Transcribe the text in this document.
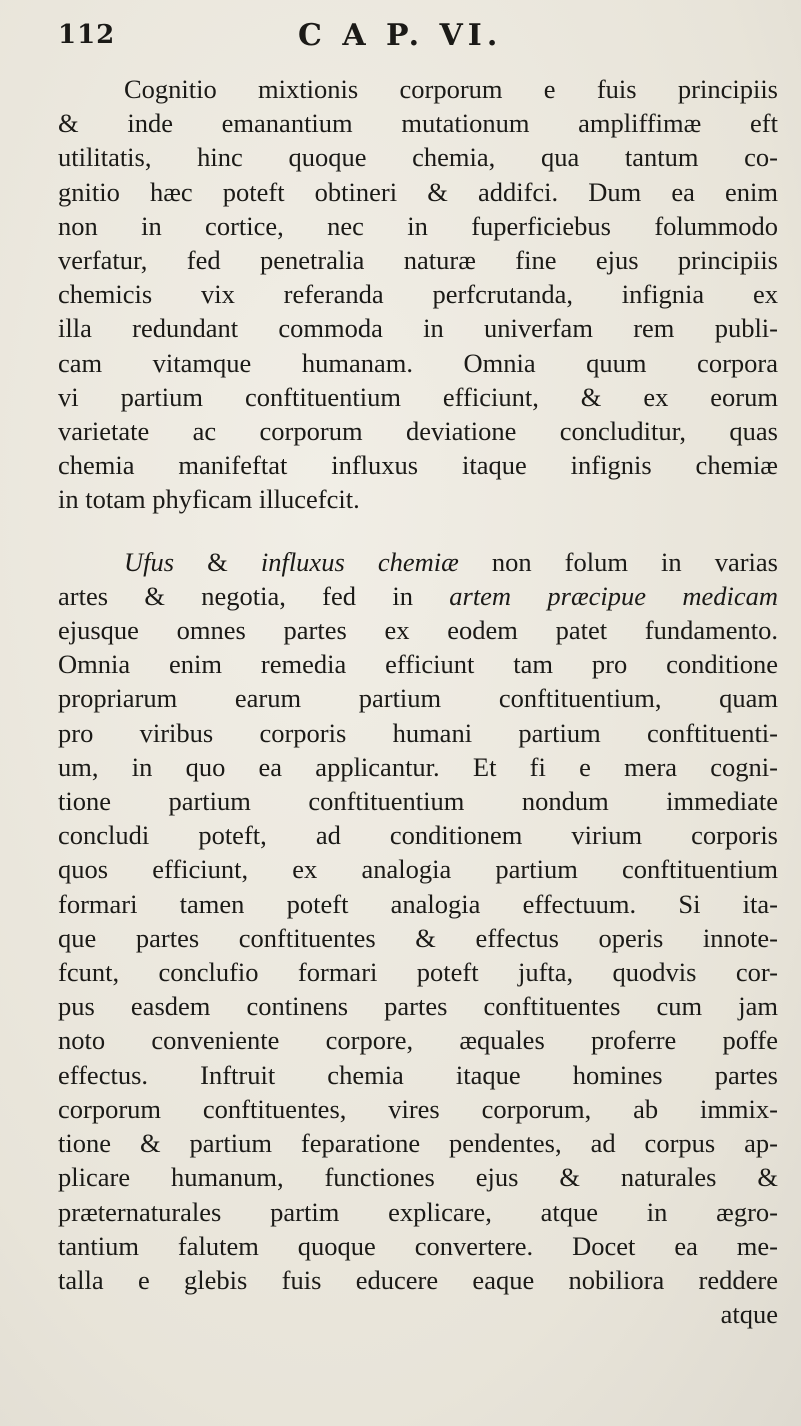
112	C A P. VI.
Cognitio mixtionis corporum e fuis principiis
& inde emanantium mutationum ampliffimæ eft
utilitatis, hinc quoque chemia, qua tantum co-
gnitio hæc poteft obtineri & addifci. Dum ea enim
non in cortice, nec in fuperficiebus folummodo
verfatur, fed penetralia naturæ fine ejus principiis
chemicis vix referanda perfcrutanda, infignia ex
illa redundant commoda in univerfam rem publi-
cam vitamque humanam. Omnia quum corpora
vi partium conftituentium efficiunt, & ex eorum
varietate ac corporum deviatione concluditur, quas
chemia manifeftat influxus itaque infignis chemiæ
in totam phyficam illucefcit.
Ufus & influxus chemiæ non folum in varias
artes & negotia, fed in artem præcipue medicam
ejusque omnes partes ex eodem patet fundamento.
Omnia enim remedia efficiunt tam pro conditione
propriarum earum partium conftituentium, quam
pro viribus corporis humani partium conftituenti-
um, in quo ea applicantur. Et fi e mera cogni-
tione partium conftituentium nondum immediate
concludi poteft, ad conditionem virium corporis
quos efficiunt, ex analogia partium conftituentium
formari tamen poteft analogia effectuum. Si ita-
que partes conftituentes & effectus operis innote-
fcunt, conclufio formari poteft jufta, quodvis cor-
pus easdem continens partes conftituentes cum jam
noto conveniente corpore, æquales proferre poffe
effectus. Inftruit chemia itaque homines partes
corporum conftituentes, vires corporum, ab immix-
tione & partium feparatione pendentes, ad corpus ap-
plicare humanum, functiones ejus & naturales &
præternaturales partim explicare, atque in ægro-
tantium falutem quoque convertere. Docet ea me-
talla e glebis fuis educere eaque nobiliora reddere
atque
